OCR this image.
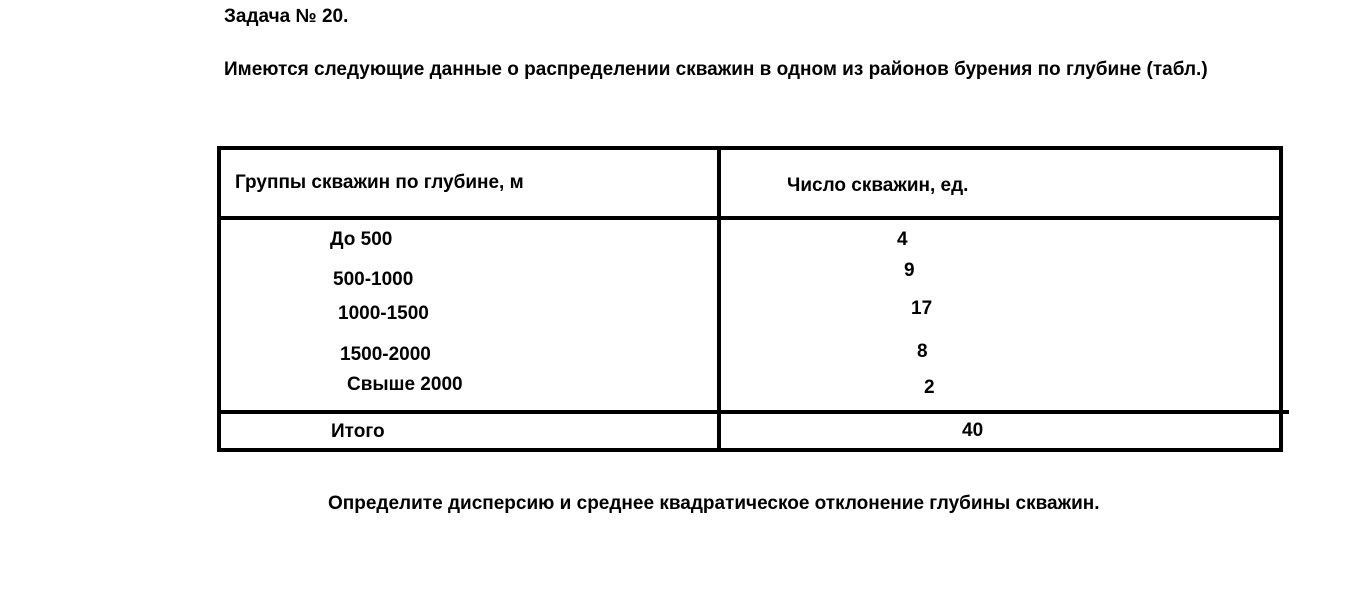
Задача № 20.
Имеются следующие данные о распределении скважин в одном из районов бурения по глубине (табл.)
Группы скважин по глубине, м	Число скважин, ед.
До 500	4
500-1000	9
1000-1500	17
1500-2000	8
Свыше 2000	2
Итого	40
Определите дисперсию и среднее квадратическое отклонение глубины скважин.
